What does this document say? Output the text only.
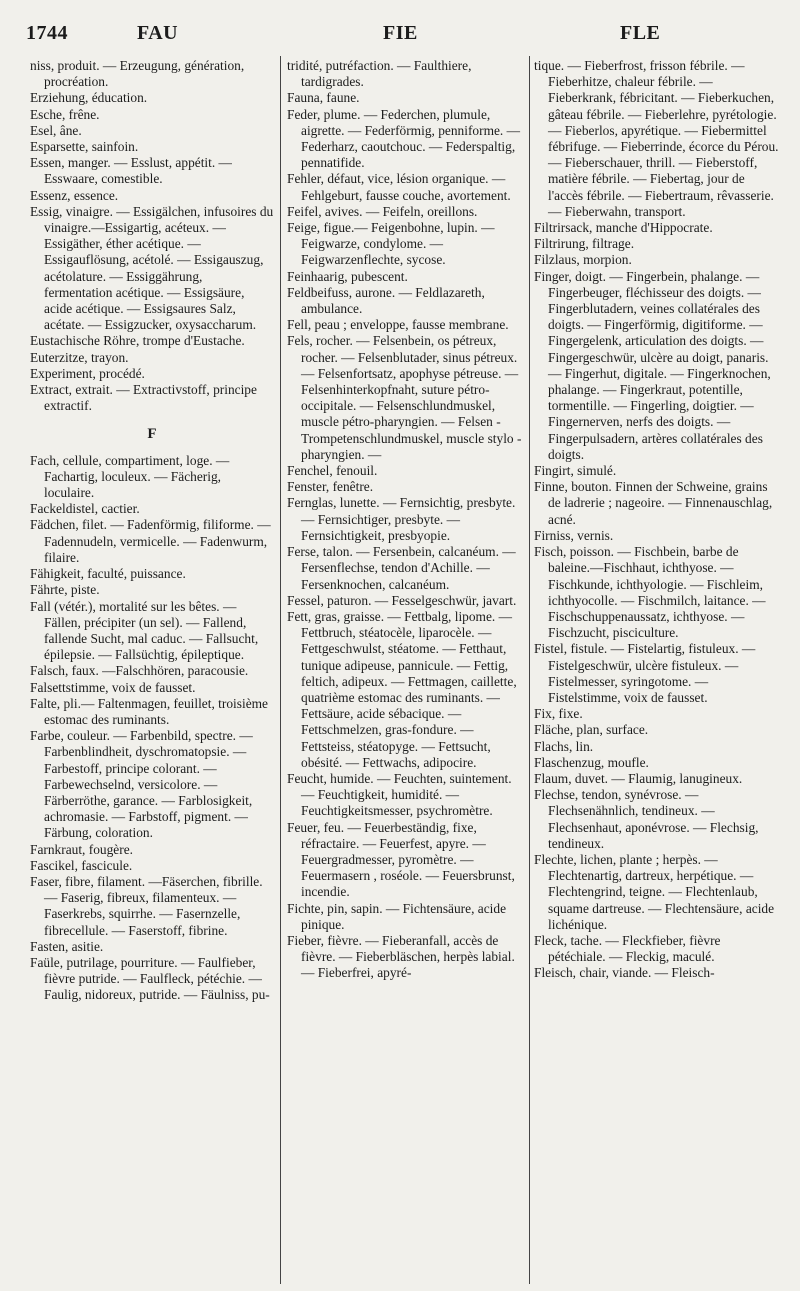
1744	FAU	FIE	FLE

niss, produit. — Erzeugung, génération, procréation.

Erziehung, éducation.

Esche, frêne.

Esel, âne.

Esparsette, sainfoin.

Essen, manger. — Esslust, appétit. — Esswaare, comestible.

Essenz, essence.

Essig, vinaigre. — Essigälchen, infusoires du vinaigre.—Essigartig, acéteux. — Essigäther, éther acétique. — Essigauflösung, acétolé. — Essigauszug, acétolature. — Essiggährung, fermentation acétique. — Essigsäure, acide acétique. — Essigsaures Salz, acétate. — Essigzucker, oxysaccharum.

Eustachische Röhre, trompe d'Eustache.

Euterzitze, trayon.

Experiment, procédé.

Extract, extrait. — Extractivstoff, principe extractif.

F

Fach, cellule, compartiment, loge. — Fachartig, loculeux. — Fächerig, loculaire.

Fackeldistel, cactier.

Fädchen, filet. — Fadenförmig, filiforme. — Fadennudeln, vermicelle. — Fadenwurm, filaire.

Fähigkeit, faculté, puissance.

Fährte, piste.

Fall (vétér.), mortalité sur les bêtes. — Fällen, précipiter (un sel). — Fallend, fallende Sucht, mal caduc. — Fallsucht, épilepsie. — Fallsüchtig, épileptique.

Falsch, faux. —Falschhören, paracousie.

Falsettstimme, voix de fausset.

Falte, pli.— Faltenmagen, feuillet, troisième estomac des ruminants.

Farbe, couleur. — Farbenbild, spectre. — Farbenblindheit, dyschromatopsie. — Farbestoff, principe colorant. — Farbewechselnd, versicolore. — Färberröthe, garance. — Farblosigkeit, achromasie. — Farbstoff, pigment. — Färbung, coloration.

Farnkraut, fougère.

Fascikel, fascicule.

Faser, fibre, filament. —Fäserchen, fibrille. — Faserig, fibreux, filamenteux. — Faserkrebs, squirrhe. — Fasernzelle, fibrecellule. — Faserstoff, fibrine.

Fasten, asitie.

Faüle, putrilage, pourriture. — Faulfieber, fièvre putride. — Faulfleck, pétéchie. — Faulig, nidoreux, putride. — Fäulniss, pu-

tridité, putréfaction. — Faulthiere, tardigrades.

Fauna, faune.

Feder, plume. — Federchen, plumule, aigrette. — Federförmig, penniforme. — Federharz, caoutchouc. — Federspaltig, pennatifide.

Fehler, défaut, vice, lésion organique. — Fehlgeburt, fausse couche, avortement.

Feifel, avives. — Feifeln, oreillons.

Feige, figue.— Feigenbohne, lupin. — Feigwarze, condylome. — Feigwarzenflechte, sycose.

Feinhaarig, pubescent.

Feldbeifuss, aurone. — Feldlazareth, ambulance.

Fell, peau ; enveloppe, fausse membrane.

Fels, rocher. — Felsenbein, os pétreux, rocher. — Felsenblutader, sinus pétreux. — Felsenfortsatz, apophyse pétreuse. — Felsenhinterkopfnaht, suture pétro-occipitale. — Felsenschlundmuskel, muscle pétro-pharyngien. — Felsen - Trompetenschlundmuskel, muscle stylo - pharyngien. —

Fenchel, fenouil.

Fenster, fenêtre.

Fernglas, lunette. — Fernsichtig, presbyte. — Fernsichtiger, presbyte. — Fernsichtigkeit, presbyopie.

Ferse, talon. — Fersenbein, calcanéum. — Fersenflechse, tendon d'Achille. — Fersenknochen, calcanéum.

Fessel, paturon. — Fesselgeschwür, javart.

Fett, gras, graisse. — Fettbalg, lipome. — Fettbruch, stéatocèle, liparocèle. — Fettgeschwulst, stéatome. — Fetthaut, tunique adipeuse, pannicule. — Fettig, feltich, adipeux. — Fettmagen, caillette, quatrième estomac des ruminants. — Fettsäure, acide sébacique. — Fettschmelzen, gras-fondure. — Fettsteiss, stéatopyge. — Fettsucht, obésité. — Fettwachs, adipocire.

Feucht, humide. — Feuchten, suintement. — Feuchtigkeit, humidité. — Feuchtigkeitsmesser, psychromètre.

Feuer, feu. — Feuerbeständig, fixe, réfractaire. — Feuerfest, apyre. — Feuergradmesser, pyromètre. — Feuermasern , roséole. — Feuersbrunst, incendie.

Fichte, pin, sapin. — Fichtensäure, acide pinique.

Fieber, fièvre. — Fieberanfall, accès de fièvre. — Fieberbläschen, herpès labial. — Fieberfrei, apyré-

tique. — Fieberfrost, frisson fébrile. — Fieberhitze, chaleur fébrile. —Fieberkrank, fébricitant. — Fieberkuchen, gâteau fébrile. — Fieberlehre, pyrétologie. — Fieberlos, apyrétique. — Fiebermittel fébrifuge. — Fieberrinde, écorce du Pérou. — Fieberschauer, thrill. — Fieberstoff, matière fébrile. — Fiebertag, jour de l'accès fébrile. — Fiebertraum, rêvasserie. — Fieberwahn, transport.

Filtrirsack, manche d'Hippocrate.

Filtrirung, filtrage.

Filzlaus, morpion.

Finger, doigt. — Fingerbein, phalange. — Fingerbeuger, fléchisseur des doigts. — Fingerblutadern, veines collatérales des doigts. — Fingerförmig, digitiforme. — Fingergelenk, articulation des doigts. — Fingergeschwür, ulcère au doigt, panaris. — Fingerhut, digitale. — Fingerknochen, phalange. — Fingerkraut, potentille, tormentille. — Fingerling, doigtier. — Fingernerven, nerfs des doigts. — Fingerpulsadern, artères collatérales des doigts.

Fingirt, simulé.

Finne, bouton. Finnen der Schweine, grains de ladrerie ; nageoire. — Finnenauschlag, acné.

Firniss, vernis.

Fisch, poisson. — Fischbein, barbe de baleine.—Fischhaut, ichthyose. — Fischkunde, ichthyologie. — Fischleim, ichthyocolle. — Fischmilch, laitance. — Fischschuppenaussatz, ichthyose. — Fischzucht, pisciculture.

Fistel, fistule. — Fistelartig, fistuleux. — Fistelgeschwür, ulcère fistuleux. — Fistelmesser, syringotome. — Fistelstimme, voix de fausset.

Fix, fixe.

Fläche, plan, surface.

Flachs, lin.

Flaschenzug, moufle.

Flaum, duvet. — Flaumig, lanugineux.

Flechse, tendon, synévrose. — Flechsenähnlich, tendineux. — Flechsenhaut, aponévrose. — Flechsig, tendineux.

Flechte, lichen, plante ; herpès. — Flechtenartig, dartreux, herpétique. — Flechtengrind, teigne. — Flechtenlaub, squame dartreuse. — Flechtensäure, acide lichénique.

Fleck, tache. — Fleckfieber, fièvre pétéchiale. — Fleckig, maculé.

Fleisch, chair, viande. — Fleisch-
